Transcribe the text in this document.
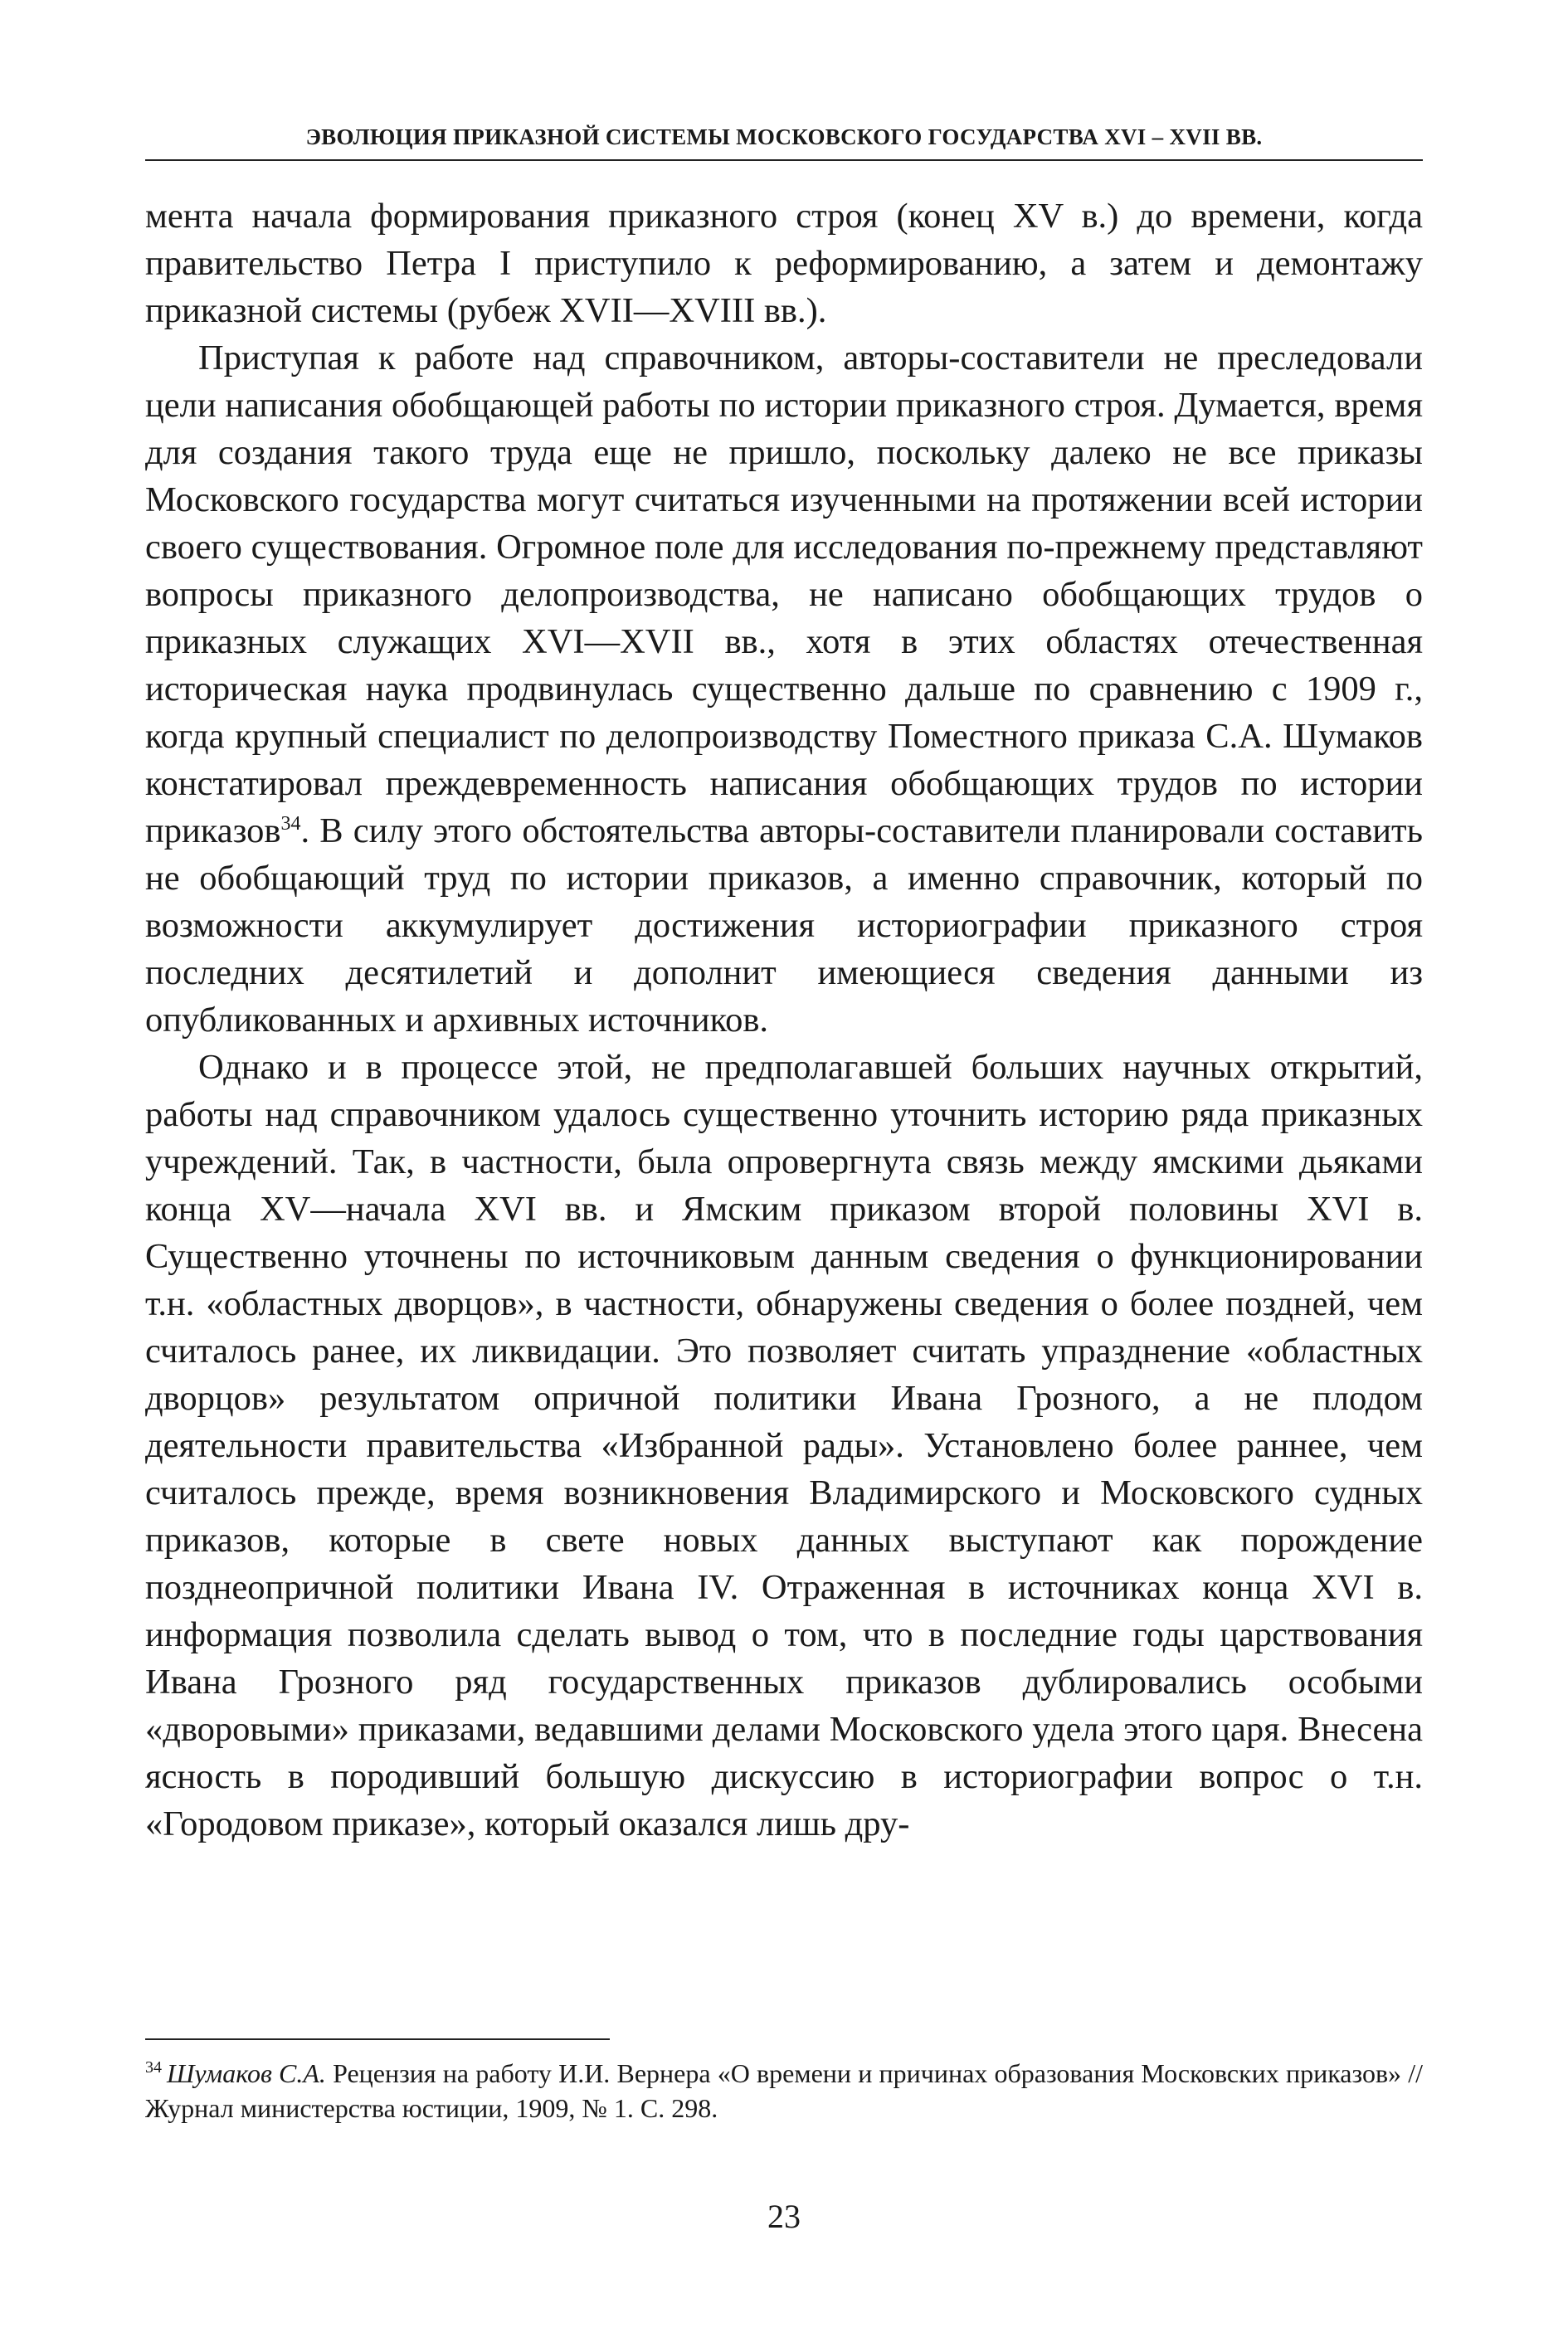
ЭВОЛЮЦИЯ ПРИКАЗНОЙ СИСТЕМЫ МОСКОВСКОГО ГОСУДАРСТВА XVI – XVII ВВ.

мента начала формирования приказного строя (конец XV в.) до времени, когда правительство Петра I приступило к реформированию, а затем и демонтажу приказной системы (рубеж XVII—XVIII вв.).

Приступая к работе над справочником, авторы-составители не преследовали цели написания обобщающей работы по истории приказного строя. Думается, время для создания такого труда еще не пришло, поскольку далеко не все приказы Московского государства могут считаться изученными на протяжении всей истории своего существования. Огромное поле для исследования по-прежнему представляют вопросы приказного делопроизводства, не написано обобщающих трудов о приказных служащих XVI—XVII вв., хотя в этих областях отечественная историческая наука продвинулась существенно дальше по сравнению с 1909 г., когда крупный специалист по делопроизводству Поместного приказа С.А. Шумаков констатировал преждевременность написания обобщающих трудов по истории приказов$^{34}$. В силу этого обстоятельства авторы-составители планировали составить не обобщающий труд по истории приказов, а именно справочник, который по возможности аккумулирует достижения историографии приказного строя последних десятилетий и дополнит имеющиеся сведения данными из опубликованных и архивных источников.

Однако и в процессе этой, не предполагавшей больших научных открытий, работы над справочником удалось существенно уточнить историю ряда приказных учреждений. Так, в частности, была опровергнута связь между ямскими дьяками конца XV—начала XVI вв. и Ямским приказом второй половины XVI в. Существенно уточнены по источниковым данным сведения о функционировании т.н. «областных дворцов», в частности, обнаружены сведения о более поздней, чем считалось ранее, их ликвидации. Это позволяет считать упразднение «областных дворцов» результатом опричной политики Ивана Грозного, а не плодом деятельности правительства «Избранной рады». Установлено более раннее, чем считалось прежде, время возникновения Владимирского и Московского судных приказов, которые в свете новых данных выступают как порождение позднеопричной политики Ивана IV. Отраженная в источниках конца XVI в. информация позволила сделать вывод о том, что в последние годы царствования Ивана Грозного ряд государственных приказов дублировались особыми «дворовыми» приказами, ведавшими делами Московского удела этого царя. Внесена ясность в породивший большую дискуссию в историографии вопрос о т.н. «Городовом приказе», который оказался лишь дру-

$^{34}$ Шумаков С.А. Рецензия на работу И.И. Вернера «О времени и причинах образования Московских приказов» // Журнал министерства юстиции, 1909, № 1. С. 298.
23
